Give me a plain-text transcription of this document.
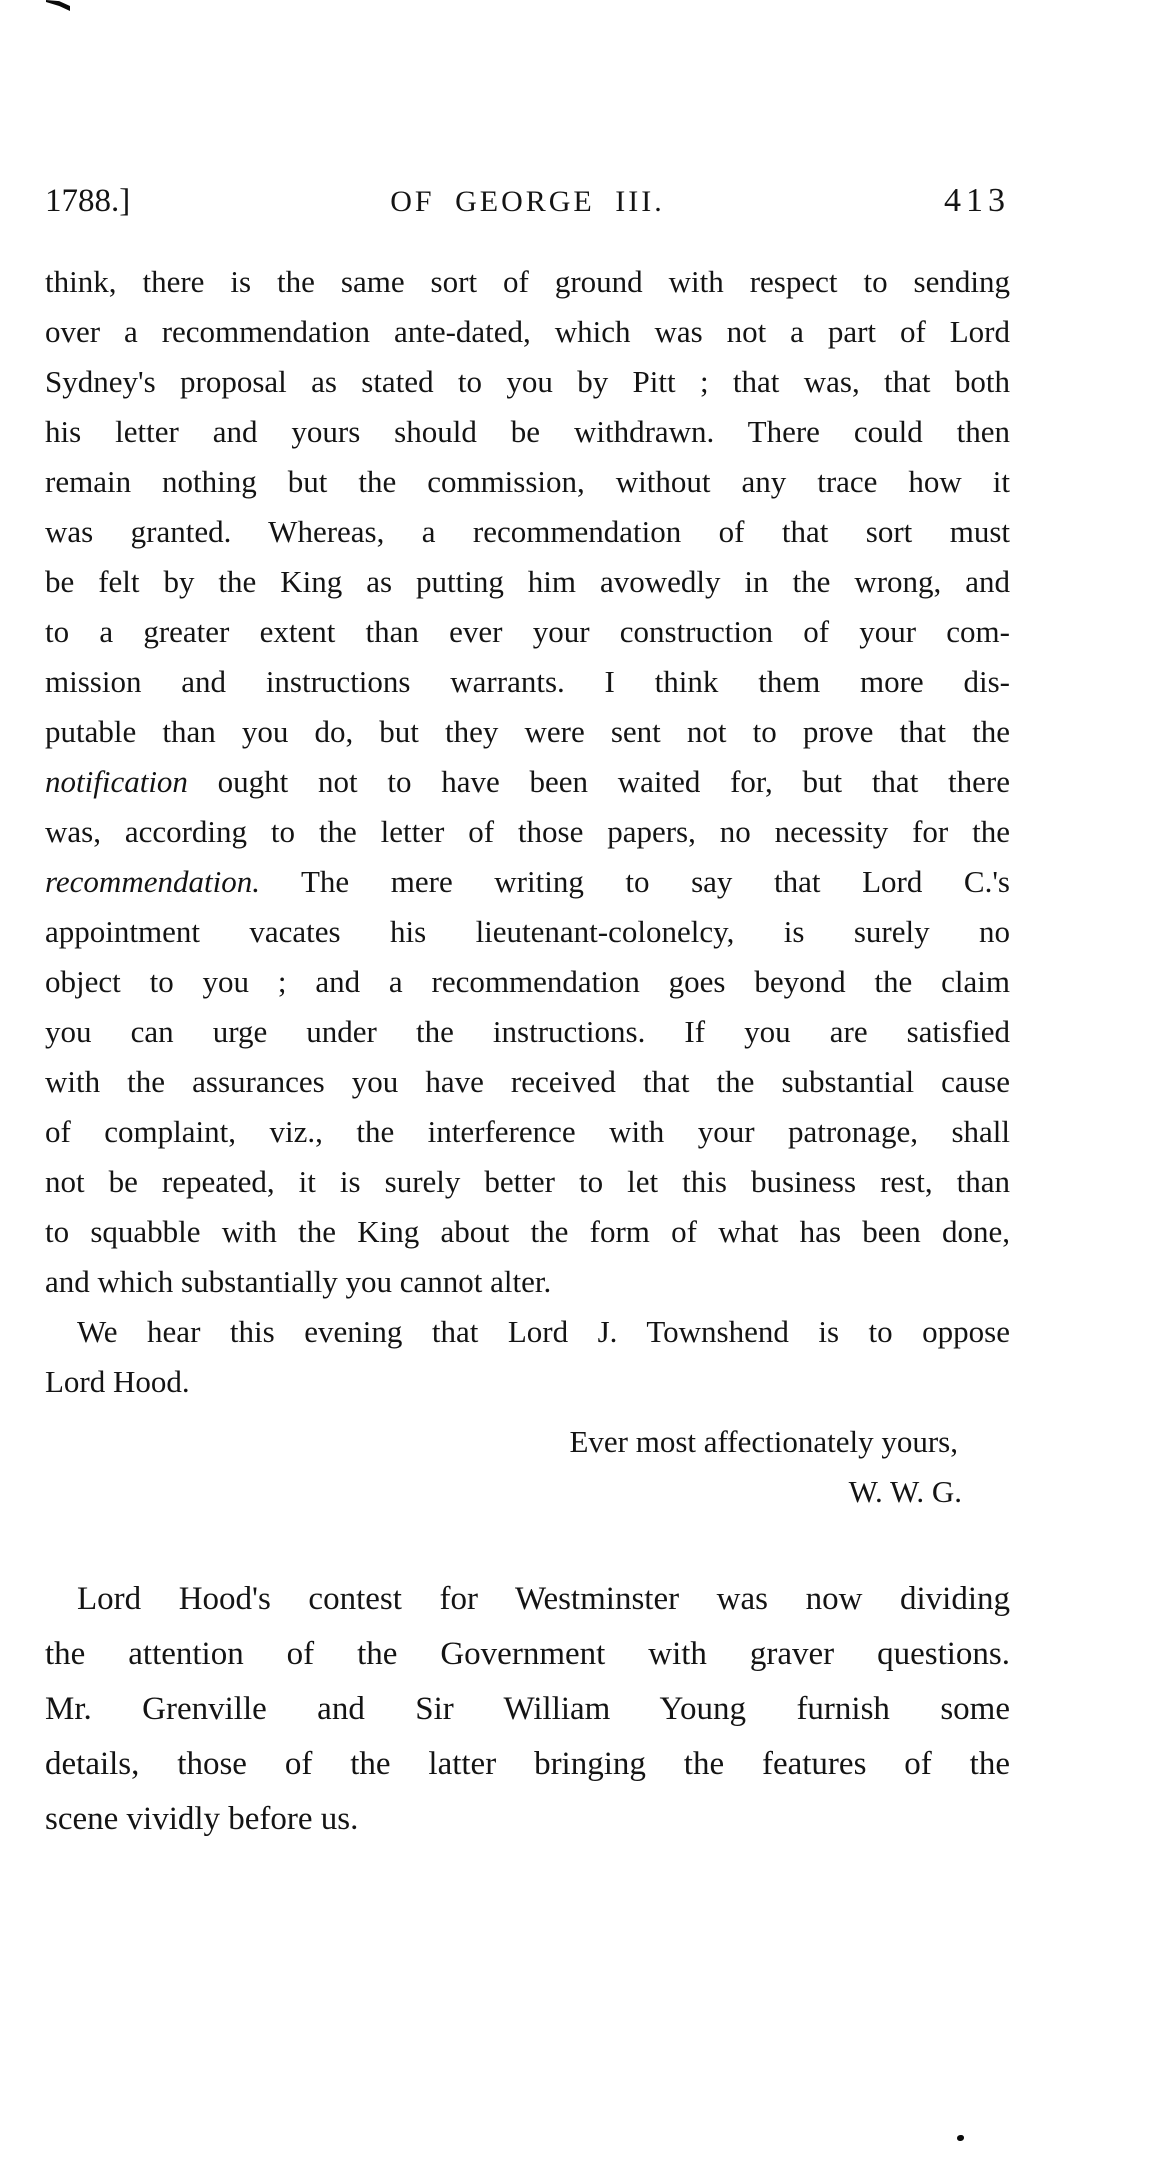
1788.]	OF GEORGE III.	413
think, there is the same sort of ground with respect to sending
over a recommendation ante-dated, which was not a part of Lord
Sydney's proposal as stated to you by Pitt ; that was, that both
his letter and yours should be withdrawn. There could then
remain nothing but the commission, without any trace how it
was granted. Whereas, a recommendation of that sort must
be felt by the King as putting him avowedly in the wrong, and
to a greater extent than ever your construction of your com-
mission and instructions warrants. I think them more dis-
putable than you do, but they were sent not to prove that the
notification ought not to have been waited for, but that there
was, according to the letter of those papers, no necessity for the
recommendation. The mere writing to say that Lord C.'s
appointment vacates his lieutenant-colonelcy, is surely no
object to you ; and a recommendation goes beyond the claim
you can urge under the instructions. If you are satisfied
with the assurances you have received that the substantial cause
of complaint, viz., the interference with your patronage, shall
not be repeated, it is surely better to let this business rest, than
to squabble with the King about the form of what has been done,
and which substantially you cannot alter.
We hear this evening that Lord J. Townshend is to oppose
Lord Hood.
Ever most affectionately yours,
W. W. G.
Lord Hood's contest for Westminster was now dividing
the attention of the Government with graver questions.
Mr. Grenville and Sir William Young furnish some
details, those of the latter bringing the features of the
scene vividly before us.
